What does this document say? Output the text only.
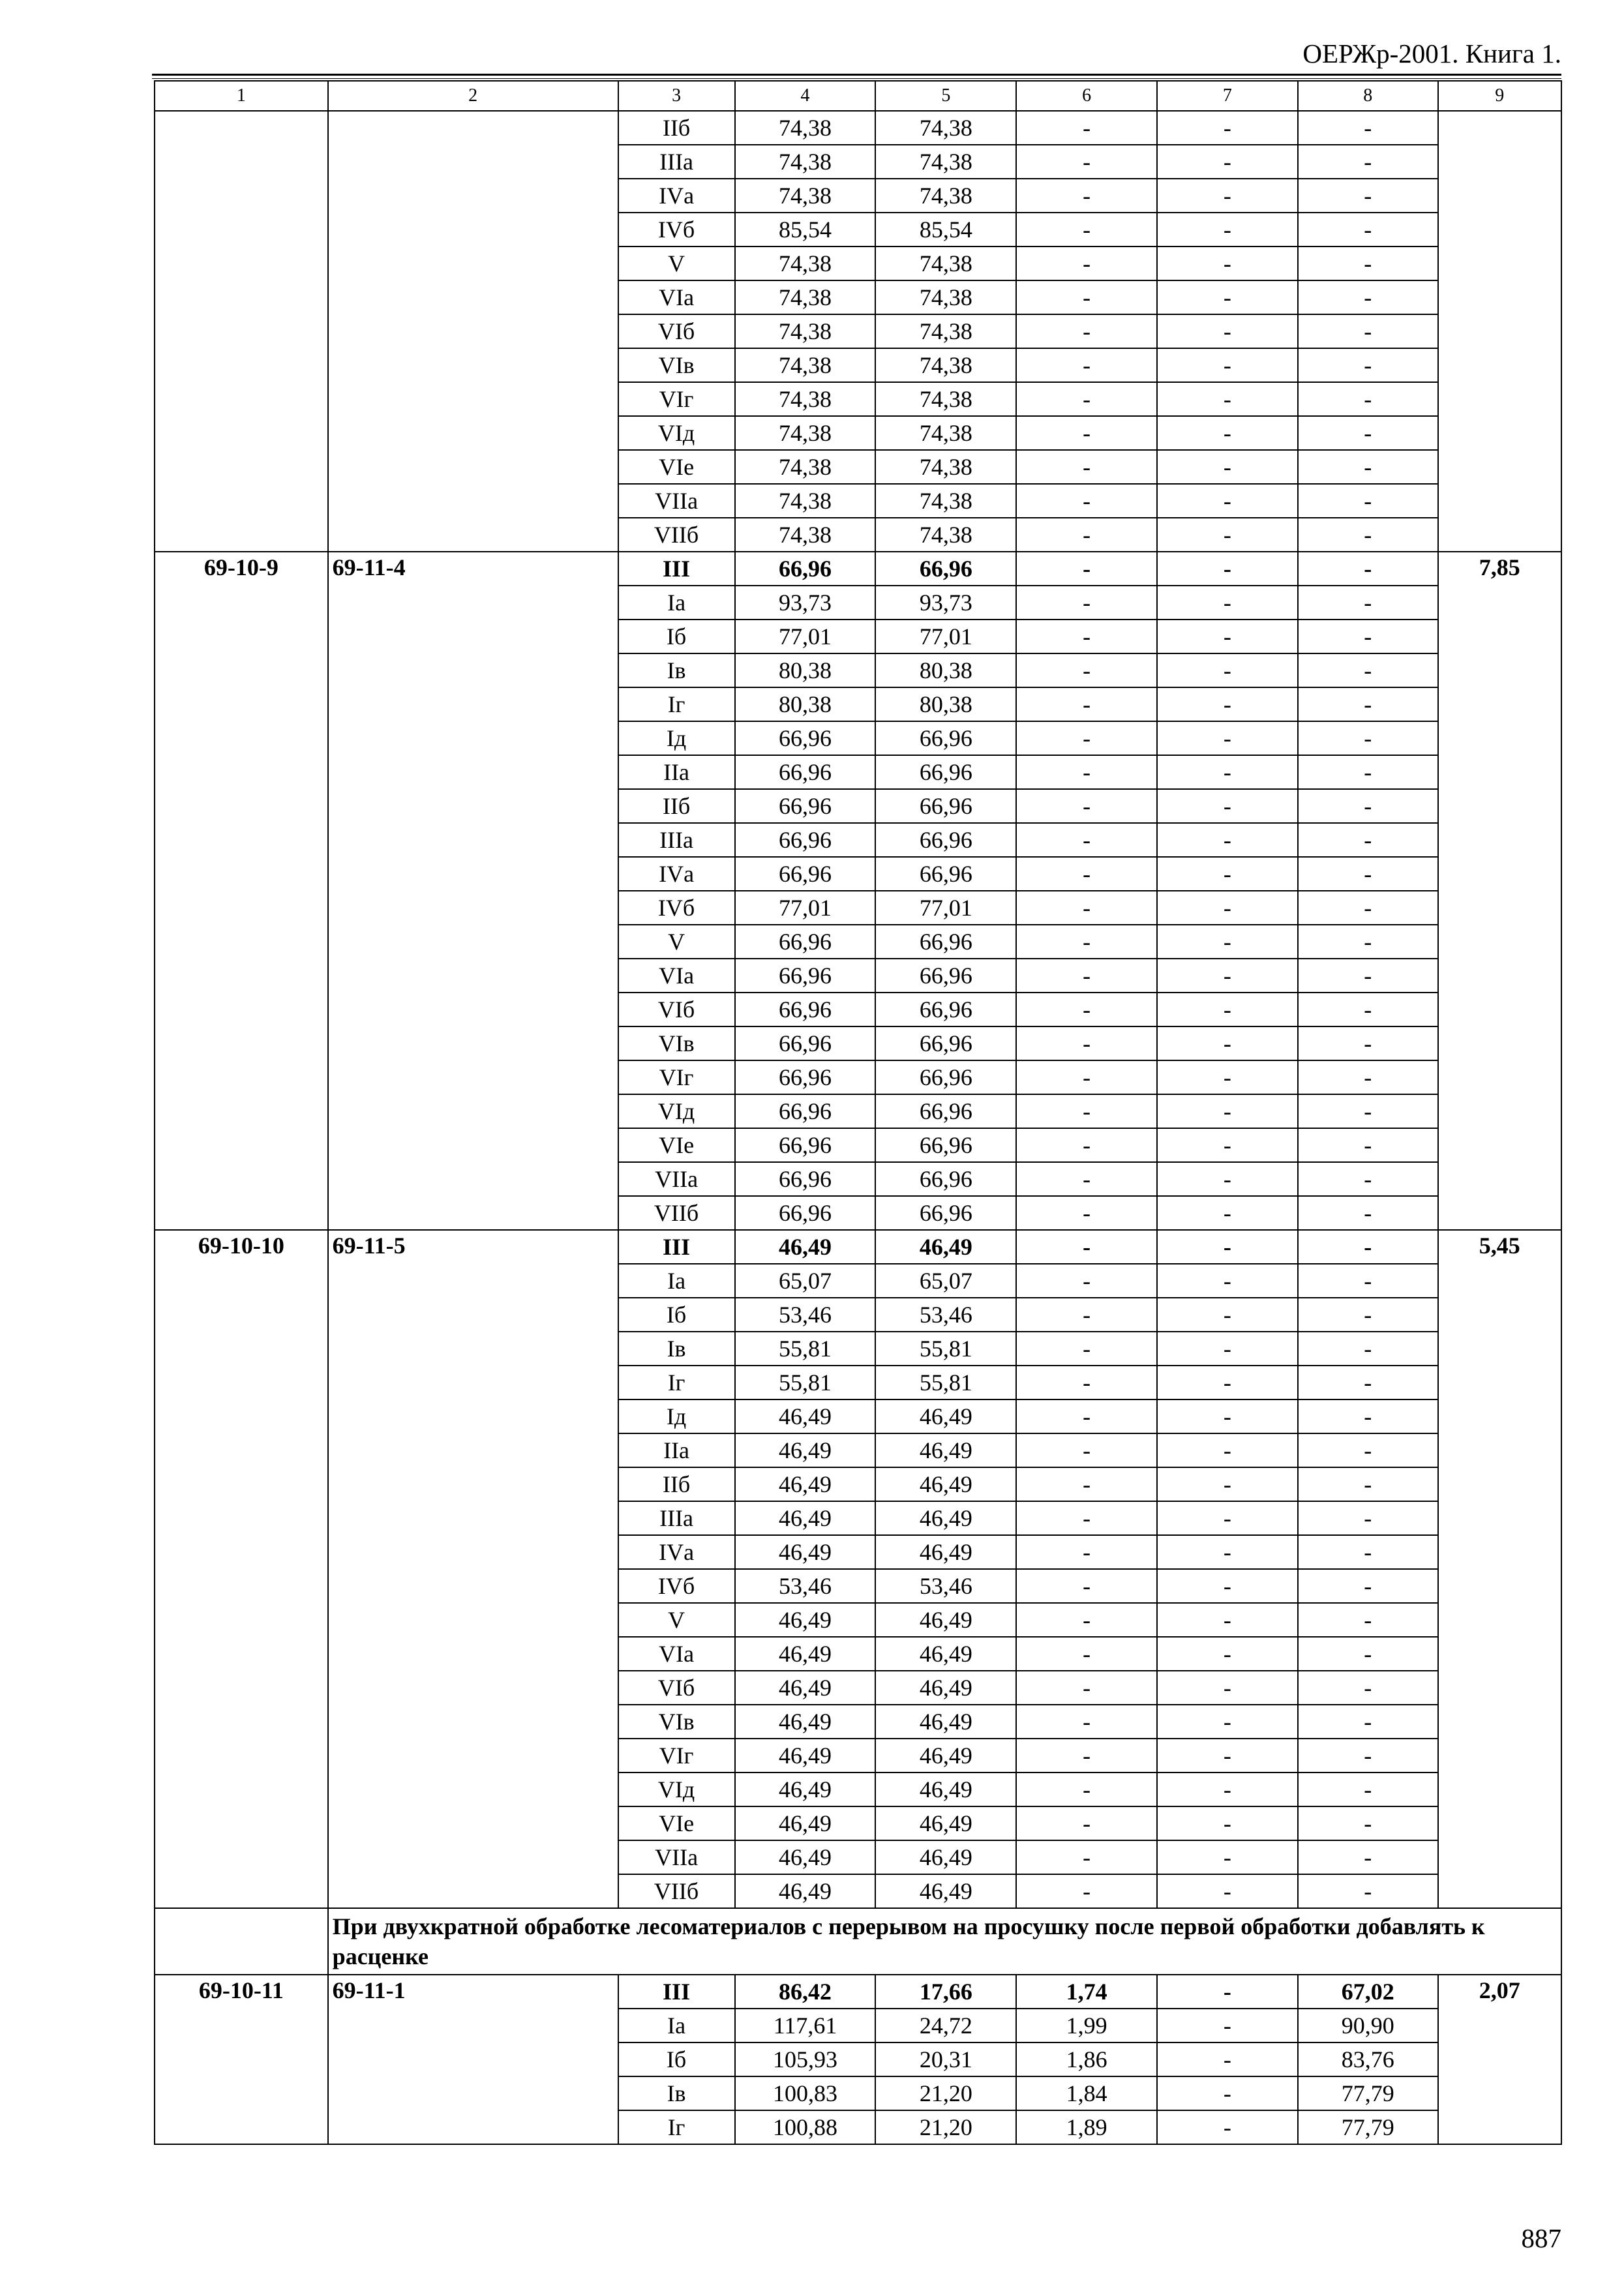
ОЕРЖр-2001. Книга 1.
1	2	3	4	5	6	7	8	9
		IIб	74,38	74,38	-	-	-	
		IIIа	74,38	74,38	-	-	-	
		IVа	74,38	74,38	-	-	-	
		IVб	85,54	85,54	-	-	-	
		V	74,38	74,38	-	-	-	
		VIа	74,38	74,38	-	-	-	
		VIб	74,38	74,38	-	-	-	
		VIв	74,38	74,38	-	-	-	
		VIг	74,38	74,38	-	-	-	
		VIд	74,38	74,38	-	-	-	
		VIе	74,38	74,38	-	-	-	
		VIIа	74,38	74,38	-	-	-	
		VIIб	74,38	74,38	-	-	-	
69-10-9	69-11-4	III	66,96	66,96	-	-	-	7,85
		Iа	93,73	93,73	-	-	-	
		Iб	77,01	77,01	-	-	-	
		Iв	80,38	80,38	-	-	-	
		Iг	80,38	80,38	-	-	-	
		Iд	66,96	66,96	-	-	-	
		IIа	66,96	66,96	-	-	-	
		IIб	66,96	66,96	-	-	-	
		IIIа	66,96	66,96	-	-	-	
		IVа	66,96	66,96	-	-	-	
		IVб	77,01	77,01	-	-	-	
		V	66,96	66,96	-	-	-	
		VIа	66,96	66,96	-	-	-	
		VIб	66,96	66,96	-	-	-	
		VIв	66,96	66,96	-	-	-	
		VIг	66,96	66,96	-	-	-	
		VIд	66,96	66,96	-	-	-	
		VIе	66,96	66,96	-	-	-	
		VIIа	66,96	66,96	-	-	-	
		VIIб	66,96	66,96	-	-	-	
69-10-10	69-11-5	III	46,49	46,49	-	-	-	5,45
		Iа	65,07	65,07	-	-	-	
		Iб	53,46	53,46	-	-	-	
		Iв	55,81	55,81	-	-	-	
		Iг	55,81	55,81	-	-	-	
		Iд	46,49	46,49	-	-	-	
		IIа	46,49	46,49	-	-	-	
		IIб	46,49	46,49	-	-	-	
		IIIа	46,49	46,49	-	-	-	
		IVа	46,49	46,49	-	-	-	
		IVб	53,46	53,46	-	-	-	
		V	46,49	46,49	-	-	-	
		VIа	46,49	46,49	-	-	-	
		VIб	46,49	46,49	-	-	-	
		VIв	46,49	46,49	-	-	-	
		VIг	46,49	46,49	-	-	-	
		VIд	46,49	46,49	-	-	-	
		VIе	46,49	46,49	-	-	-	
		VIIа	46,49	46,49	-	-	-	
		VIIб	46,49	46,49	-	-	-	
	При двухкратной обработке лесоматериалов с перерывом на просушку после первой обработки добавлять к расценке							
69-10-11	69-11-1	III	86,42	17,66	1,74	-	67,02	2,07
		Iа	117,61	24,72	1,99	-	90,90	
		Iб	105,93	20,31	1,86	-	83,76	
		Iв	100,83	21,20	1,84	-	77,79	
		Iг	100,88	21,20	1,89	-	77,79	
887
